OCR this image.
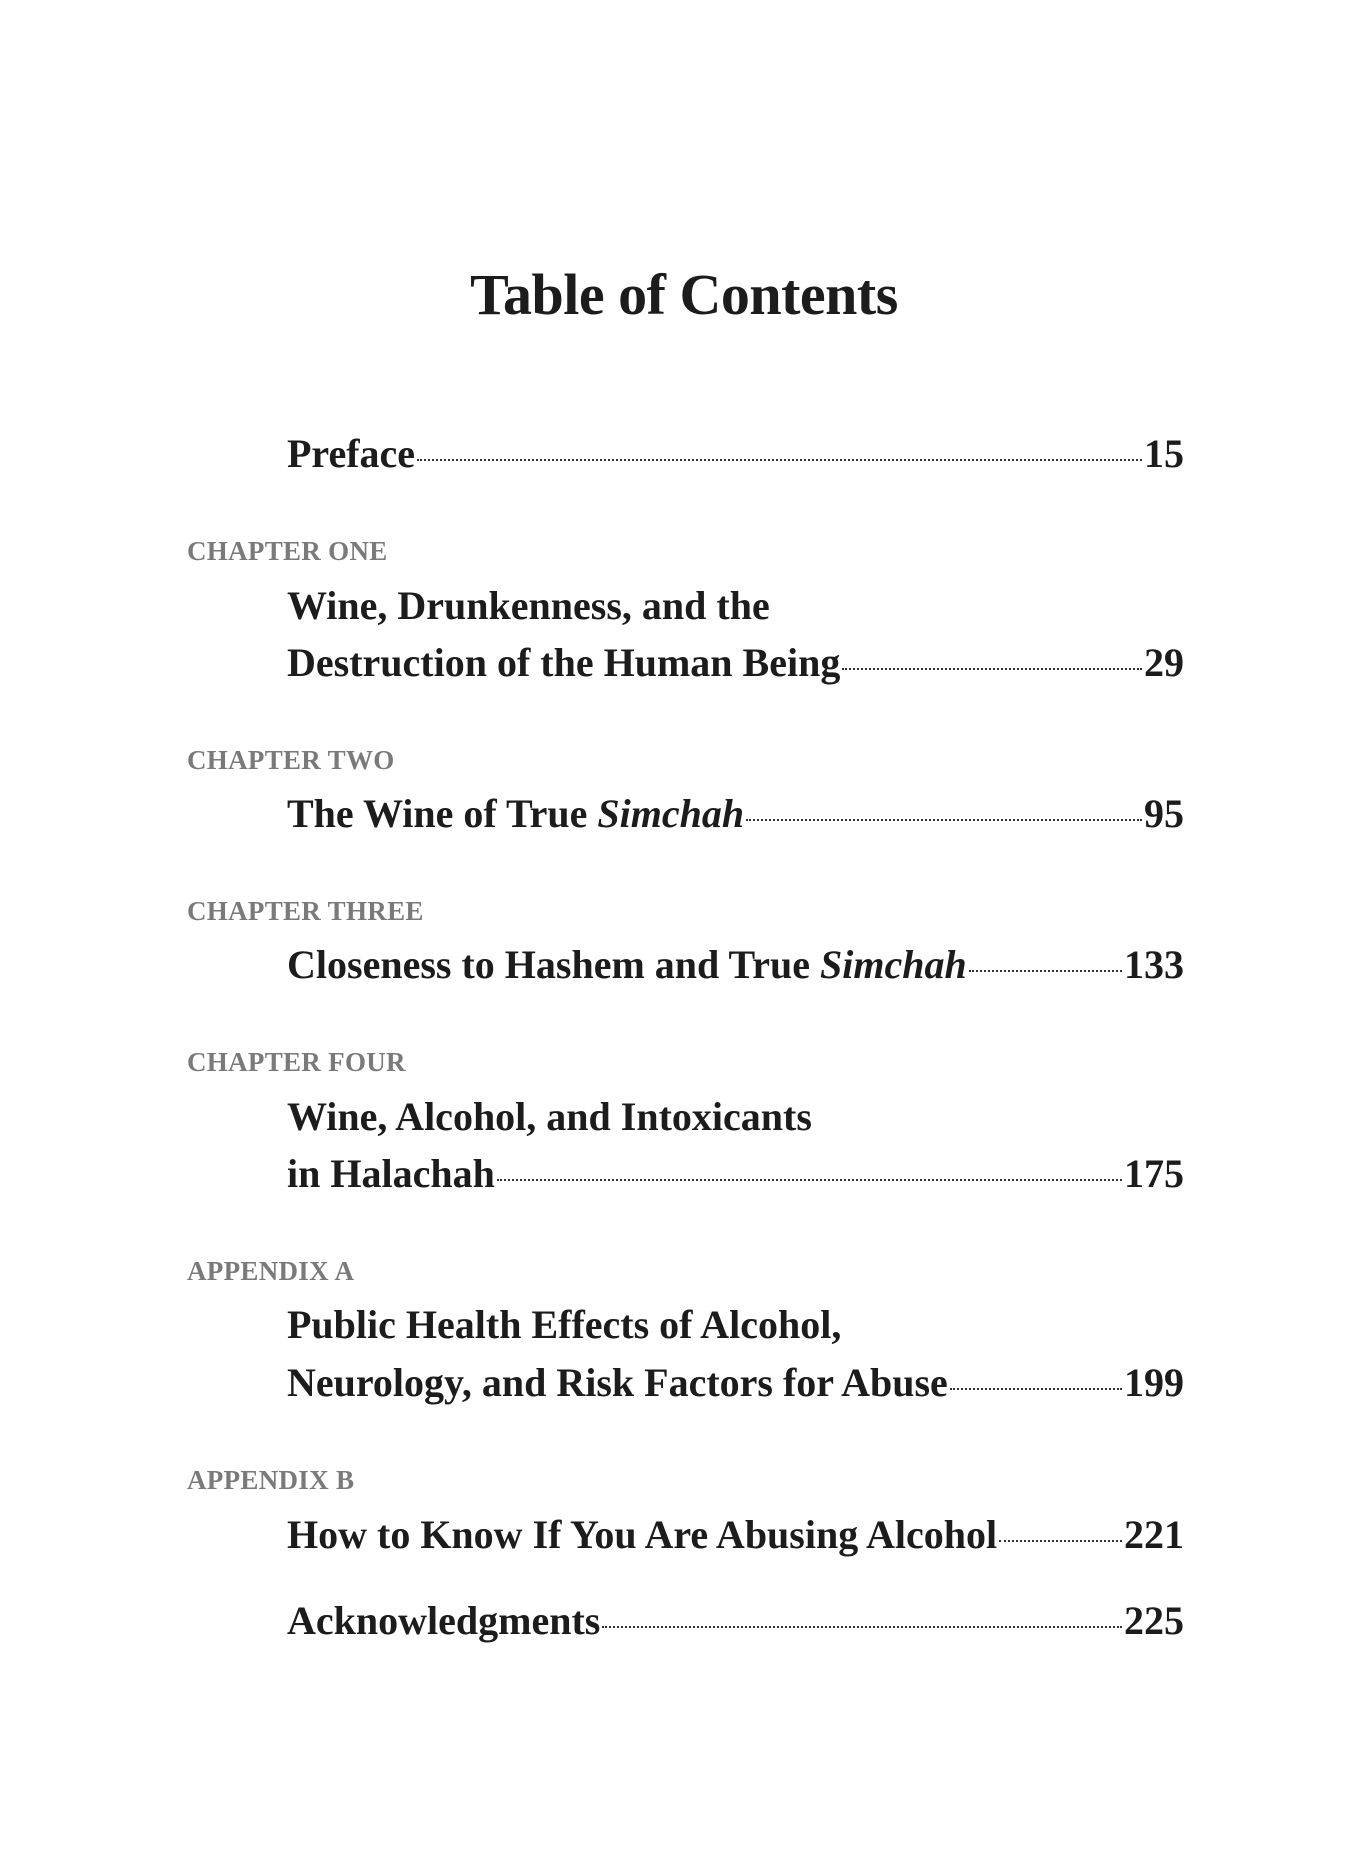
Table of Contents
Preface	15
CHAPTER ONE
Wine, Drunkenness, and the
Destruction of the Human Being	29
CHAPTER TWO
The Wine of True Simchah	95
CHAPTER THREE
Closeness to Hashem and True Simchah	133
CHAPTER FOUR
Wine, Alcohol, and Intoxicants
in Halachah	175
APPENDIX A
Public Health Effects of Alcohol,
Neurology, and Risk Factors for Abuse	199
APPENDIX B
How to Know If You Are Abusing Alcohol	221
Acknowledgments	225
